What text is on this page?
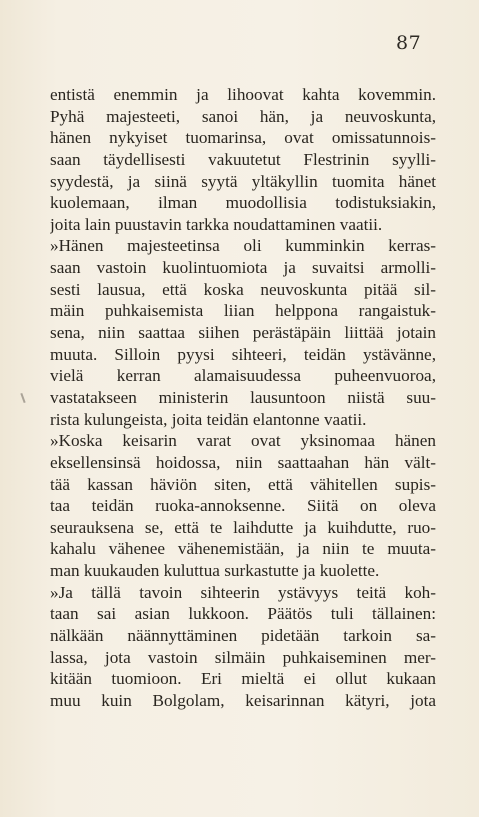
87
entistä enemmin ja lihoovat kahta kovemmin.
Pyhä majesteeti, sanoi hän, ja neuvoskunta,
hänen nykyiset tuomarinsa, ovat omissatunnois-
saan täydellisesti vakuutetut Flestrinin syylli-
syydestä, ja siinä syytä yltäkyllin tuomita hänet
kuolemaan, ilman muodollisia todistuksiakin,
joita lain puustavin tarkka noudattaminen vaatii.
»Hänen majesteetinsa oli kumminkin kerras-
saan vastoin kuolintuomiota ja suvaitsi armolli-
sesti lausua, että koska neuvoskunta pitää sil-
mäin puhkaisemista liian helppona rangaistuk-
sena, niin saattaa siihen perästäpäin liittää jotain
muuta. Silloin pyysi sihteeri, teidän ystävänne,
vielä kerran alamaisuudessa puheenvuoroa,
vastatakseen ministerin lausuntoon niistä suu-
rista kulungeista, joita teidän elantonne vaatii.
»Koska keisarin varat ovat yksinomaa hänen
eksellensinsä hoidossa, niin saattaahan hän vält-
tää kassan häviön siten, että vähitellen supis-
taa teidän ruoka-annoksenne. Siitä on oleva
seurauksena se, että te laihdutte ja kuihdutte, ruo-
kahalu vähenee vähenemistään, ja niin te muuta-
man kuukauden kuluttua surkastutte ja kuolette.
»Ja tällä tavoin sihteerin ystävyys teitä koh-
taan sai asian lukkoon. Päätös tuli tällainen:
nälkään näännyttäminen pidetään tarkoin sa-
lassa, jota vastoin silmäin puhkaiseminen mer-
kitään tuomioon. Eri mieltä ei ollut kukaan
muu kuin Bolgolam, keisarinnan kätyri, jota
